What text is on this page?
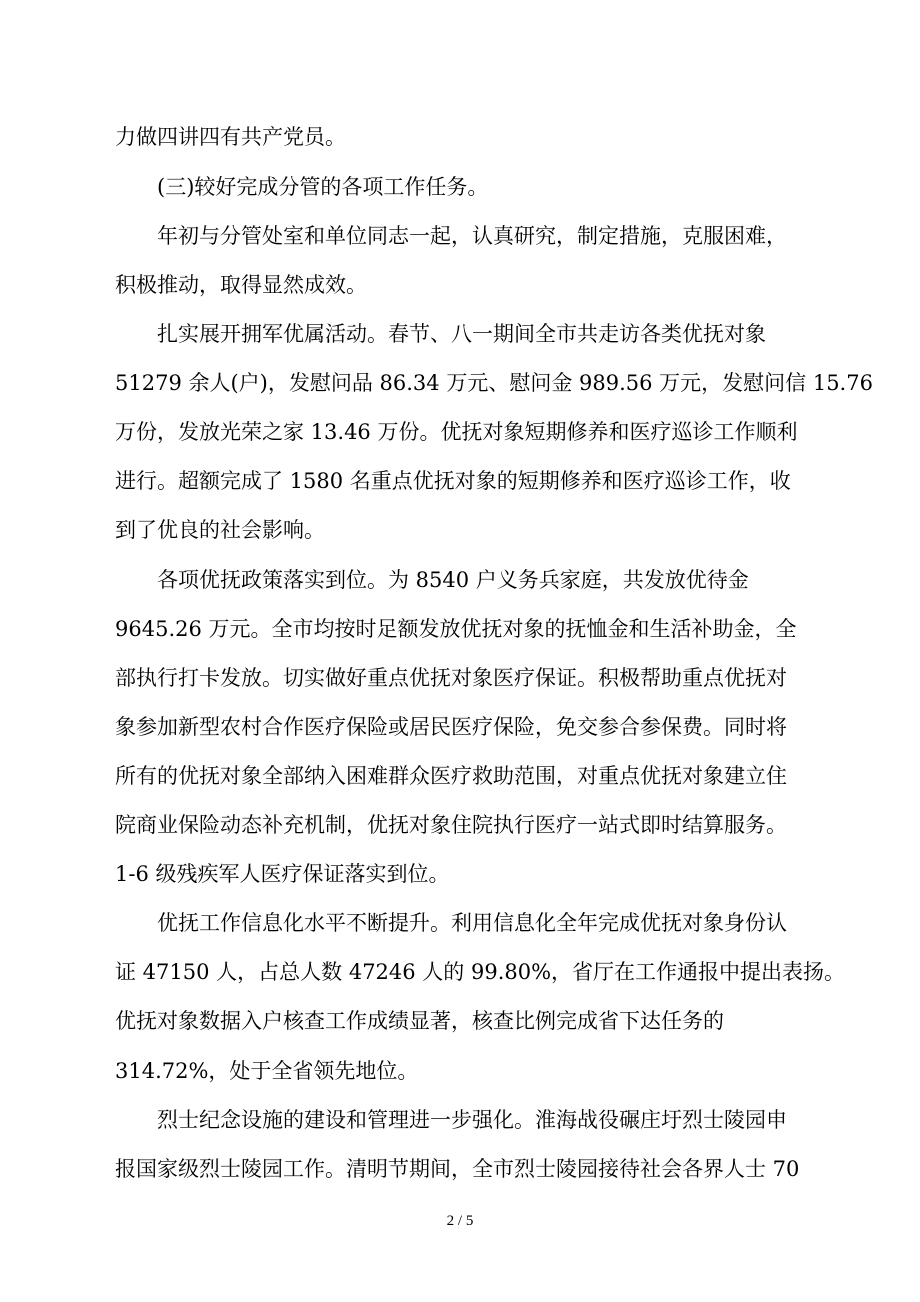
力做四讲四有共产党员。
(三)较好完成分管的各项工作任务。
年初与分管处室和单位同志一起，认真研究，制定措施，克服困难，
积极推动，取得显然成效。
扎实展开拥军优属活动。春节、八一期间全市共走访各类优抚对象
51279 余人(户)，发慰问品 86.34 万元、慰问金 989.56 万元，发慰问信 15.76
万份，发放光荣之家 13.46 万份。优抚对象短期修养和医疗巡诊工作顺利
进行。超额完成了 1580 名重点优抚对象的短期修养和医疗巡诊工作，收
到了优良的社会影响。
各项优抚政策落实到位。为 8540 户义务兵家庭，共发放优待金
9645.26 万元。全市均按时足额发放优抚对象的抚恤金和生活补助金，全
部执行打卡发放。切实做好重点优抚对象医疗保证。积极帮助重点优抚对
象参加新型农村合作医疗保险或居民医疗保险，免交参合参保费。同时将
所有的优抚对象全部纳入困难群众医疗救助范围，对重点优抚对象建立住
院商业保险动态补充机制，优抚对象住院执行医疗一站式即时结算服务。
1-6 级残疾军人医疗保证落实到位。
优抚工作信息化水平不断提升。利用信息化全年完成优抚对象身份认
证 47150 人，占总人数 47246 人的 99.80%，省厅在工作通报中提出表扬。
优抚对象数据入户核查工作成绩显著，核查比例完成省下达任务的
314.72%，处于全省领先地位。
烈士纪念设施的建设和管理进一步强化。淮海战役碾庄圩烈士陵园申
报国家级烈士陵园工作。清明节期间，全市烈士陵园接待社会各界人士 70
2 / 5
